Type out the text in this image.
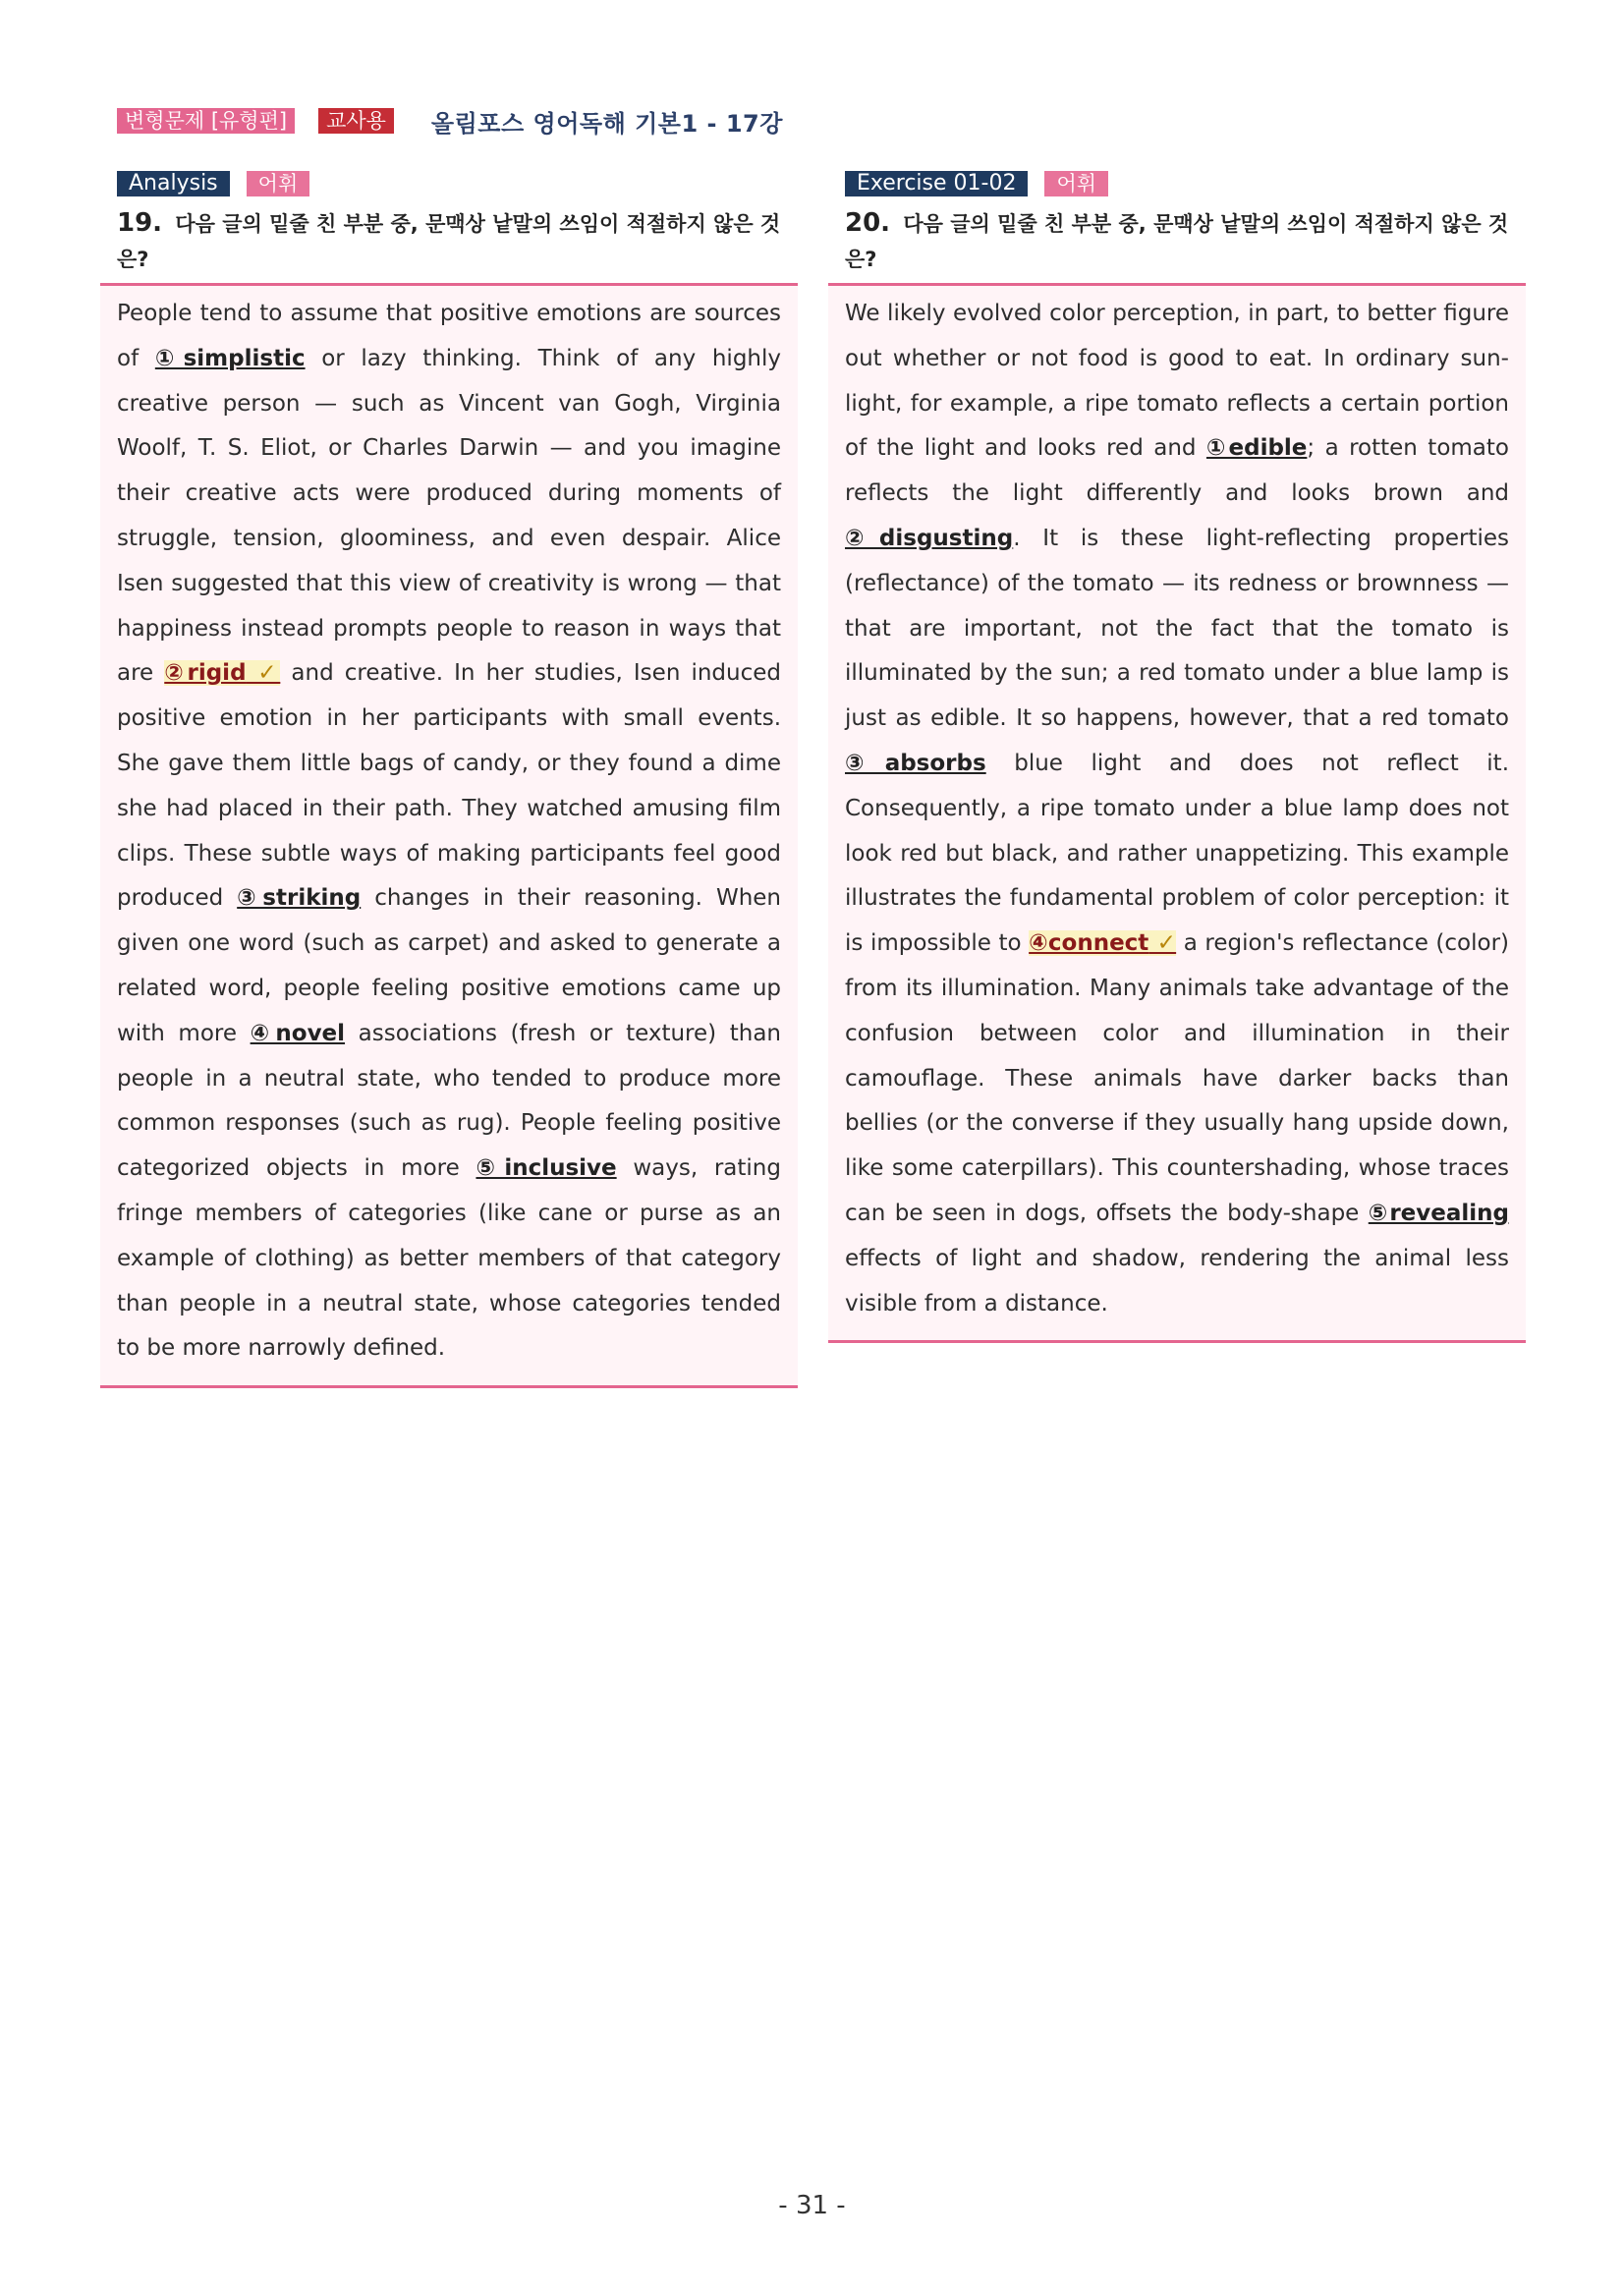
변형문제 [유형편]	교사용	올림포스 영어독해 기본1 - 17강
Analysis	어휘
19. 다음 글의 밑줄 친 부분 중, 문맥상 낱말의 쓰임이 적절하지 않은 것은?
People tend to assume that positive emotions are sources of ①simplistic or lazy thinking. Think of any highly creative person — such as Vincent van Gogh, Virginia Woolf, T. S. Eliot, or Charles Darwin — and you imagine their creative acts were produced during moments of struggle, tension, gloominess, and even despair. Alice Isen suggested that this view of creativity is wrong — that happiness instead prompts people to reason in ways that are ②rigid ✓ and creative. In her studies, Isen induced positive emotion in her participants with small events. She gave them little bags of candy, or they found a dime she had placed in their path. They watched amusing film clips. These subtle ways of making participants feel good produced ③striking changes in their reasoning. When given one word (such as carpet) and asked to generate a related word, people feeling positive emotions came up with more ④novel associations (fresh or texture) than people in a neutral state, who tended to produce more common responses (such as rug). People feeling positive categorized objects in more ⑤inclusive ways, rating fringe members of categories (like cane or purse as an example of clothing) as better members of that category than people in a neutral state, whose categories tended to be more narrowly defined.
Exercise 01-02	어휘
20. 다음 글의 밑줄 친 부분 중, 문맥상 낱말의 쓰임이 적절하지 않은 것은?
We likely evolved color perception, in part, to better figure out whether or not food is good to eat. In ordinary sun-light, for example, a ripe tomato reflects a certain portion of the light and looks red and ①edible; a rotten tomato reflects the light differently and looks brown and ②disgusting. It is these light-reflecting properties (reflectance) of the tomato — its redness or brownness — that are important, not the fact that the tomato is illuminated by the sun; a red tomato under a blue lamp is just as edible. It so happens, however, that a red tomato ③absorbs blue light and does not reflect it. Consequently, a ripe tomato under a blue lamp does not look red but black, and rather unappetizing. This example illustrates the fundamental problem of color perception: it is impossible to ④connect ✓ a region's reflectance (color) from its illumination. Many animals take advantage of the confusion between color and illumination in their camouflage. These animals have darker backs than bellies (or the converse if they usually hang upside down, like some caterpillars). This countershading, whose traces can be seen in dogs, offsets the body-shape ⑤revealing effects of light and shadow, rendering the animal less visible from a distance.
- 31 -
